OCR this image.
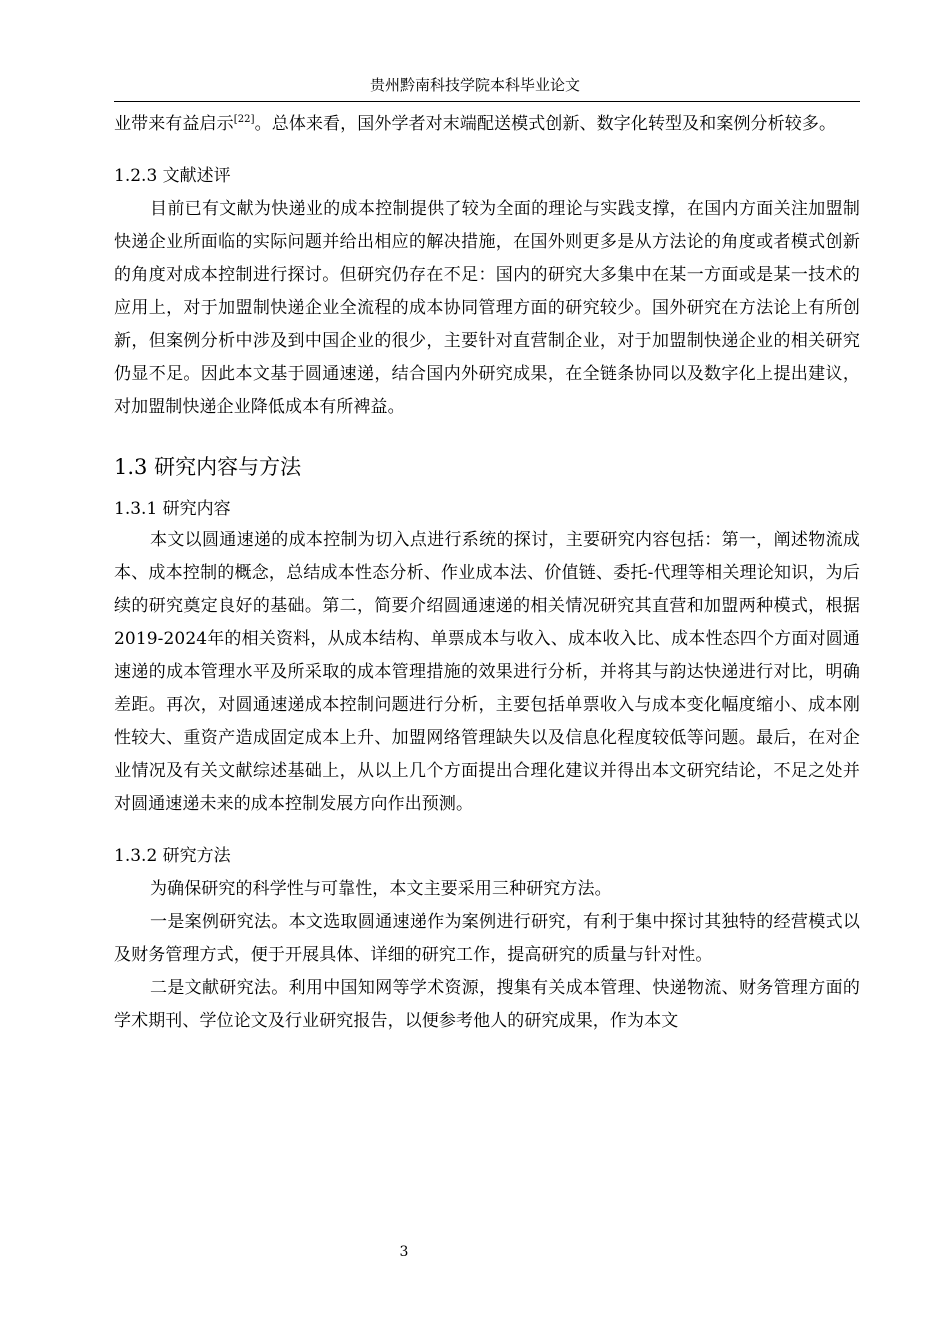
贵州黔南科技学院本科毕业论文

业带来有益启示[22]。总体来看，国外学者对末端配送模式创新、数字化转型及和案例分析较多。

1.2.3 文献述评

目前已有文献为快递业的成本控制提供了较为全面的理论与实践支撑，在国内方面关注加盟制快递企业所面临的实际问题并给出相应的解决措施，在国外则更多是从方法论的角度或者模式创新的角度对成本控制进行探讨。但研究仍存在不足：国内的研究大多集中在某一方面或是某一技术的应用上，对于加盟制快递企业全流程的成本协同管理方面的研究较少。国外研究在方法论上有所创新，但案例分析中涉及到中国企业的很少，主要针对直营制企业，对于加盟制快递企业的相关研究仍显不足。因此本文基于圆通速递，结合国内外研究成果，在全链条协同以及数字化上提出建议，对加盟制快递企业降低成本有所裨益。

1.3 研究内容与方法
1.3.1 研究内容

本文以圆通速递的成本控制为切入点进行系统的探讨，主要研究内容包括：第一，阐述物流成本、成本控制的概念，总结成本性态分析、作业成本法、价值链、委托-代理等相关理论知识，为后续的研究奠定良好的基础。第二，简要介绍圆通速递的相关情况研究其直营和加盟两种模式，根据2019-2024年的相关资料，从成本结构、单票成本与收入、成本收入比、成本性态四个方面对圆通速递的成本管理水平及所采取的成本管理措施的效果进行分析，并将其与韵达快递进行对比，明确差距。再次，对圆通速递成本控制问题进行分析，主要包括单票收入与成本变化幅度缩小、成本刚性较大、重资产造成固定成本上升、加盟网络管理缺失以及信息化程度较低等问题。最后，在对企业情况及有关文献综述基础上，从以上几个方面提出合理化建议并得出本文研究结论，不足之处并对圆通速递未来的成本控制发展方向作出预测。

1.3.2 研究方法

为确保研究的科学性与可靠性，本文主要采用三种研究方法。

一是案例研究法。本文选取圆通速递作为案例进行研究，有利于集中探讨其独特的经营模式以及财务管理方式，便于开展具体、详细的研究工作，提高研究的质量与针对性。

二是文献研究法。利用中国知网等学术资源，搜集有关成本管理、快递物流、财务管理方面的学术期刊、学位论文及行业研究报告，以便参考他人的研究成果，作为本文

3
